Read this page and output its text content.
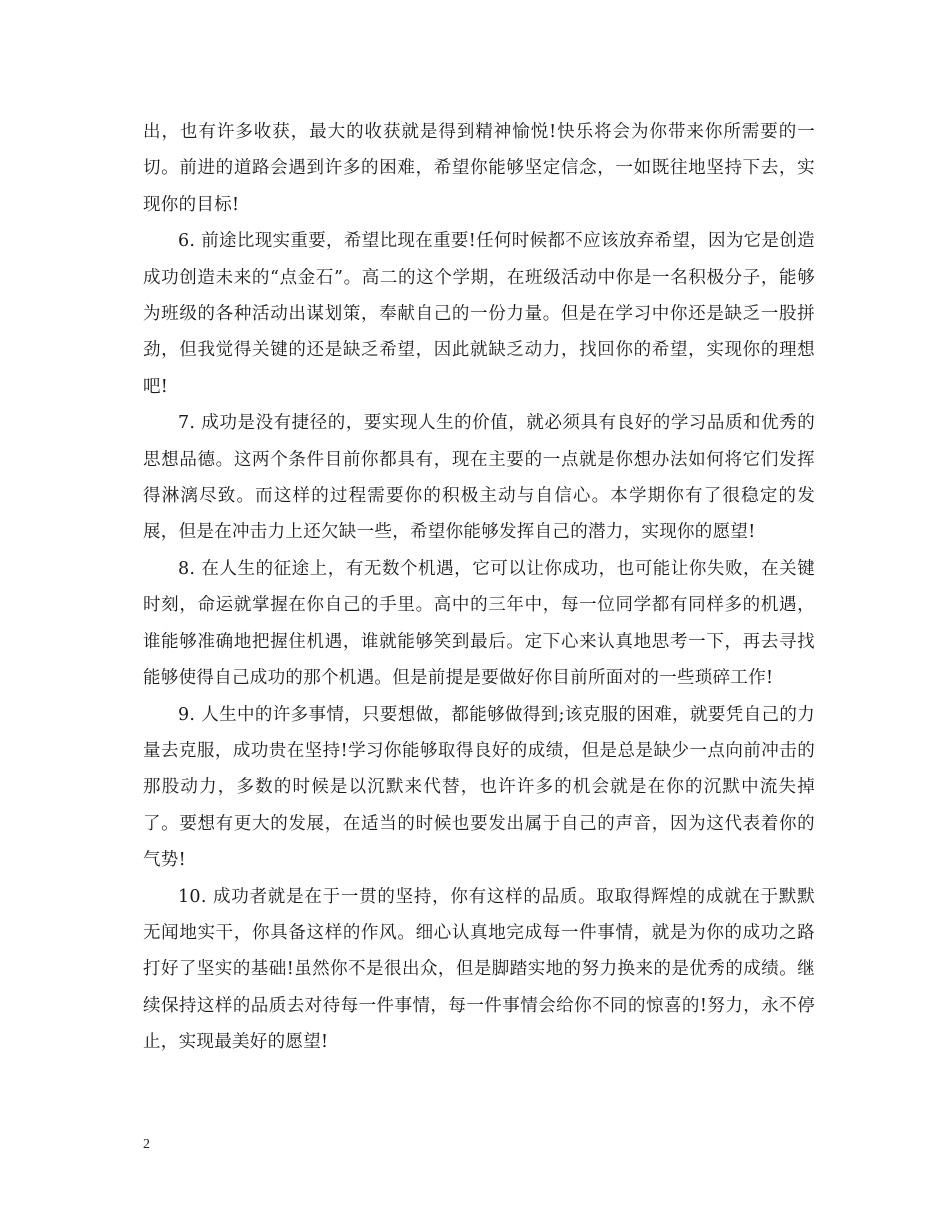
出，也有许多收获，最大的收获就是得到精神愉悦!快乐将会为你带来你所需要的一切。前进的道路会遇到许多的困难，希望你能够坚定信念，一如既往地坚持下去，实现你的目标!

6. 前途比现实重要，希望比现在重要!任何时候都不应该放弃希望，因为它是创造成功创造未来的“点金石”。高二的这个学期，在班级活动中你是一名积极分子，能够为班级的各种活动出谋划策，奉献自己的一份力量。但是在学习中你还是缺乏一股拼劲，但我觉得关键的还是缺乏希望，因此就缺乏动力，找回你的希望，实现你的理想吧!

7. 成功是没有捷径的，要实现人生的价值，就必须具有良好的学习品质和优秀的思想品德。这两个条件目前你都具有，现在主要的一点就是你想办法如何将它们发挥得淋漓尽致。而这样的过程需要你的积极主动与自信心。本学期你有了很稳定的发展，但是在冲击力上还欠缺一些，希望你能够发挥自己的潜力，实现你的愿望!

8. 在人生的征途上，有无数个机遇，它可以让你成功，也可能让你失败，在关键时刻，命运就掌握在你自己的手里。高中的三年中，每一位同学都有同样多的机遇，谁能够准确地把握住机遇，谁就能够笑到最后。定下心来认真地思考一下，再去寻找能够使得自己成功的那个机遇。但是前提是要做好你目前所面对的一些琐碎工作!

9. 人生中的许多事情，只要想做，都能够做得到;该克服的困难，就要凭自己的力量去克服，成功贵在坚持!学习你能够取得良好的成绩，但是总是缺少一点向前冲击的那股动力，多数的时候是以沉默来代替，也许许多的机会就是在你的沉默中流失掉了。要想有更大的发展，在适当的时候也要发出属于自己的声音，因为这代表着你的气势!

10. 成功者就是在于一贯的坚持，你有这样的品质。取取得辉煌的成就在于默默无闻地实干，你具备这样的作风。细心认真地完成每一件事情，就是为你的成功之路打好了坚实的基础!虽然你不是很出众，但是脚踏实地的努力换来的是优秀的成绩。继续保持这样的品质去对待每一件事情，每一件事情会给你不同的惊喜的!努力，永不停止，实现最美好的愿望!

2
